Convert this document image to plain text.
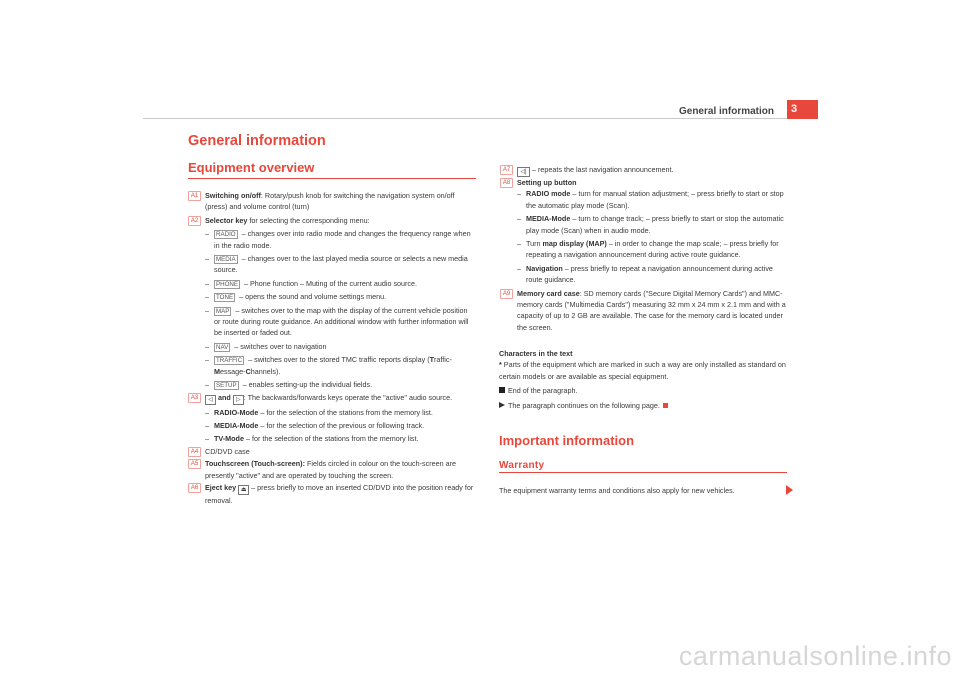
General information	3
General information
Equipment overview
A1 Switching on/off: Rotary/push knob for switching the navigation system on/off (press) and volume control (turn)
A2 Selector key for selecting the corresponding menu:
– RADIO – changes over into radio mode and changes the frequency range when in the radio mode.
– MEDIA – changes over to the last played media source or selects a new media source.
– PHONE – Phone function – Muting of the current audio source.
– TONE – opens the sound and volume settings menu.
– MAP – switches over to the map with the display of the current vehicle position or route during route guidance. An additional window with further information will be inserted or faded out.
– NAV – switches over to navigation
– TRAFFIC – switches over to the stored TMC traffic reports display (Traffic-Message-Channels).
– SETUP – enables setting-up the individual fields.
A3	◁ and ▷ : The backwards/forwards keys operate the "active" audio source.
– RADIO-Mode – for the selection of the stations from the memory list.
– MEDIA-Mode – for the selection of the previous or following track.
– TV-Mode – for the selection of the stations from the memory list.
A4 CD/DVD case
A5 Touchscreen (Touch-screen): Fields circled in colour on the touch-screen are presently "active" and are operated by touching the screen.
A6 Eject key ⏏ – press briefly to move an inserted CD/DVD into the position ready for removal.
A7	◁| – repeats the last navigation announcement.
A8 Setting up button
– RADIO mode – turn for manual station adjustment; – press briefly to start or stop the automatic play mode (Scan).
– MEDIA-Mode – turn to change track; – press briefly to start or stop the automatic play mode (Scan) when in audio mode.
– Turn map display (MAP) – in order to change the map scale; – press briefly for repeating a navigation announcement during active route guidance.
– Navigation – press briefly to repeat a navigation announcement during active route guidance.
A9 Memory card case: SD memory cards ("Secure Digital Memory Cards") and MMC-memory cards ("Multimedia Cards") measuring 32 mm x 24 mm x 2.1 mm and with a capacity of up to 2 GB are available. The case for the memory card is located under the screen.
Characters in the text
* Parts of the equipment which are marked in such a way are only installed as standard on certain models or are available as special equipment.
End of the paragraph.
The paragraph continues on the following page.
Important information
Warranty
The equipment warranty terms and conditions also apply for new vehicles.
carmanualsonline.info
